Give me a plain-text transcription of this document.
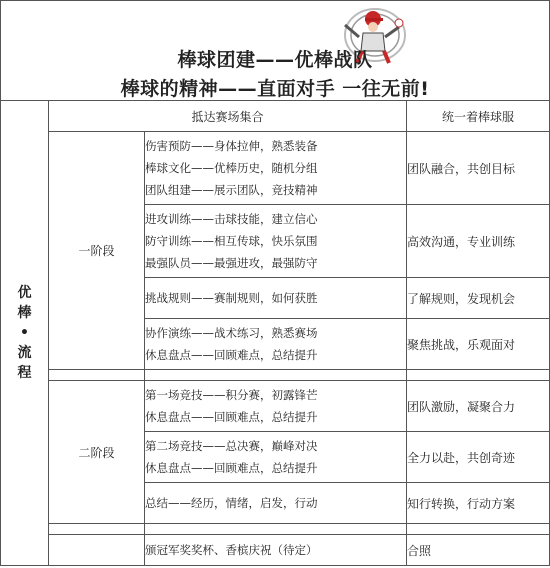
棒球团建——优棒战队
棒球的精神——直面对手 一往无前!
优
棒
•
流
程	抵达赛场集合		统一着棒球服
	一阶段	伤害预防——身体拉伸，熟悉装备
棒球文化——优棒历史，随机分组
团队组建——展示团队，竞技精神	团队融合，共创目标

		进攻训练——击球技能，建立信心
防守训练——相互传球，快乐氛围
最强队员——最强进攻，最强防守	高效沟通，专业训练

		挑战规则——赛制规则，如何获胜	了解规则，发现机会

		协作演练——战术练习，熟悉赛场
休息盘点——回顾难点，总结提升	聚焦挑战，乐观面对

	二阶段	第一场竞技——积分赛，初露锋芒
休息盘点——回顾难点，总结提升	团队激励，凝聚合力

		第二场竞技——总决赛，巅峰对决
休息盘点——回顾难点，总结提升	全力以赴，共创奇迹

		总结——经历，情绪，启发，行动	知行转换，行动方案

		颁冠军奖奖杯、香槟庆祝（待定）	合照
